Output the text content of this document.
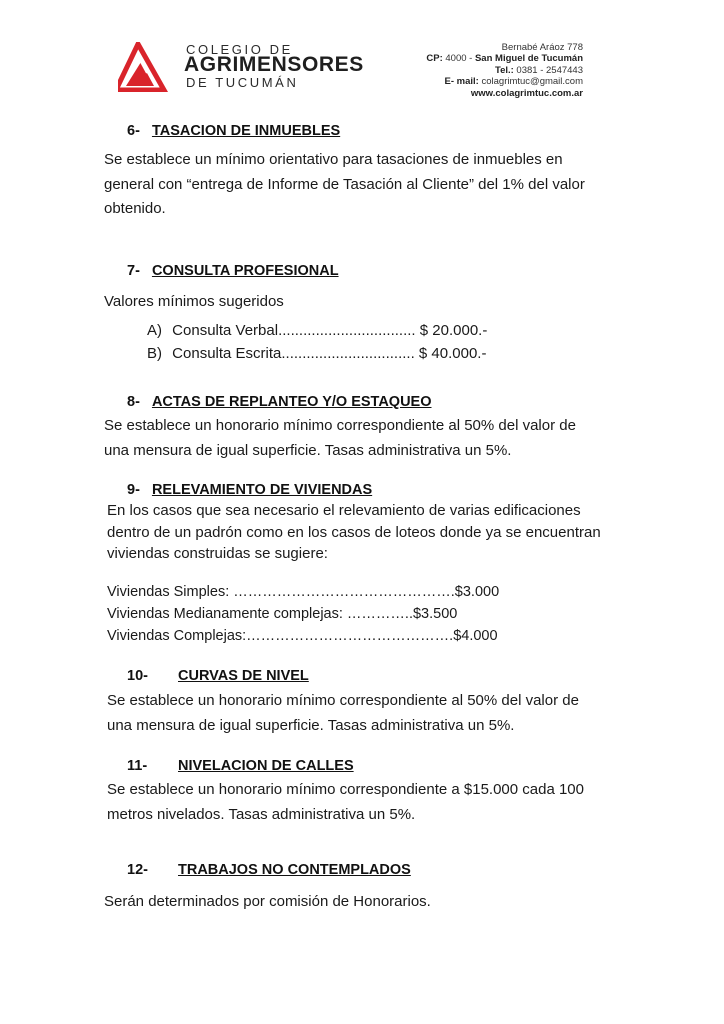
COLEGIO DE
AGRIMENSORES
DE TUCUMÁN
Bernabé Aráoz 778
CP: 4000 - San Miguel de Tucumán
Tel.: 0381 - 2547443
E- mail: colagrimtuc@gmail.com
www.colagrimtuc.com.ar
6- TASACION DE INMUEBLES
Se establece un mínimo orientativo para tasaciones de inmuebles en
general con “entrega de Informe de Tasación al Cliente” del 1% del valor
obtenido.
7- CONSULTA PROFESIONAL
Valores mínimos sugeridos
A) Consulta Verbal................................. $ 20.000.-
B) Consulta Escrita................................ $ 40.000.-
8- ACTAS DE REPLANTEO Y/O ESTAQUEO
Se establece un honorario mínimo correspondiente al 50% del valor de
una mensura de igual superficie. Tasas administrativa un 5%.
9- RELEVAMIENTO DE VIVIENDAS
En los casos que sea necesario el relevamiento de varias edificaciones
dentro de un padrón como en los casos de loteos donde ya se encuentran
viviendas construidas se sugiere:
Viviendas Simples: ……………………………………….$3.000
Viviendas Medianamente complejas: …………..$3.500
Viviendas Complejas:…………………………………….$4.000
10- CURVAS DE NIVEL
Se establece un honorario mínimo correspondiente al 50% del valor de
una mensura de igual superficie. Tasas administrativa un 5%.
11- NIVELACION DE CALLES
Se establece un honorario mínimo correspondiente a $15.000 cada 100
metros nivelados. Tasas administrativa un 5%.
12- TRABAJOS NO CONTEMPLADOS
Serán determinados por comisión de Honorarios.
